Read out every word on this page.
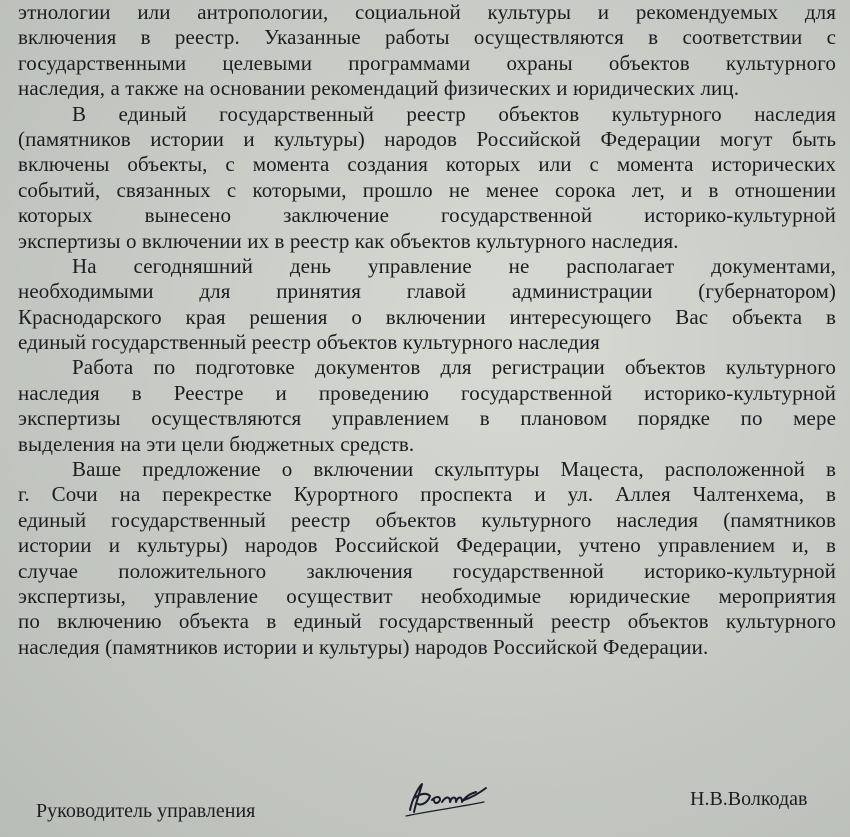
этнологии или антропологии, социальной культуры и рекомендуемых для
включения в реестр. Указанные работы осуществляются в соответствии с
государственными целевыми программами охраны объектов культурного
наследия, а также на основании рекомендаций физических и юридических лиц.
В единый государственный реестр объектов культурного наследия
(памятников истории и культуры) народов Российской Федерации могут быть
включены объекты, с момента создания которых или с момента исторических
событий, связанных с которыми, прошло не менее сорока лет, и в отношении
которых вынесено заключение государственной историко-культурной
экспертизы о включении их в реестр как объектов культурного наследия.
На сегодняшний день управление не располагает документами,
необходимыми для принятия главой администрации (губернатором)
Краснодарского края решения о включении интересующего Вас объекта в
единый государственный реестр объектов культурного наследия
Работа по подготовке документов для регистрации объектов культурного
наследия в Реестре и проведению государственной историко-культурной
экспертизы осуществляются управлением в плановом порядке по мере
выделения на эти цели бюджетных средств.
Ваше предложение о включении скульптуры Мацеста, расположенной в
г. Сочи на перекрестке Курортного проспекта и ул. Аллея Чалтенхема, в
единый государственный реестр объектов культурного наследия (памятников
истории и культуры) народов Российской Федерации, учтено управлением и, в
случае положительного заключения государственной историко-культурной
экспертизы, управление осуществит необходимые юридические мероприятия
по включению объекта в единый государственный реестр объектов культурного
наследия (памятников истории и культуры) народов Российской Федерации.
Руководитель управления
Н.В.Волкодав
